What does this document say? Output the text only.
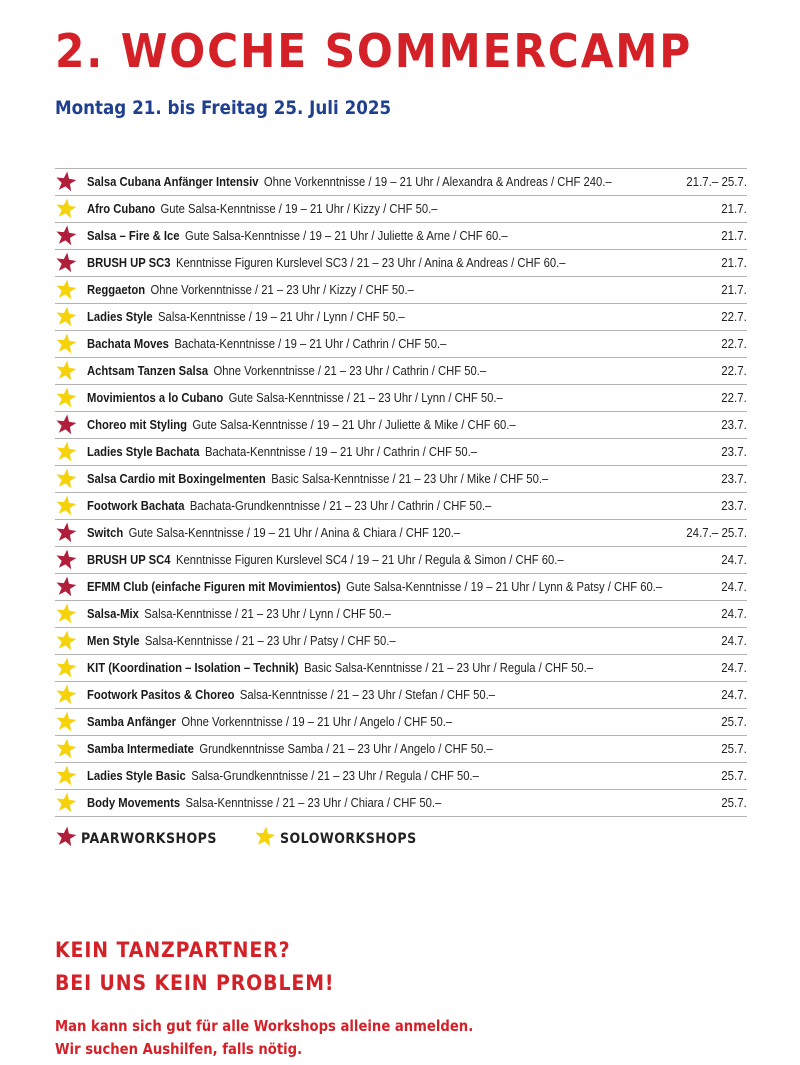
2. WOCHE SOMMERCAMP
Montag 21. bis Freitag 25. Juli 2025
Salsa Cubana Anfänger Intensiv Ohne Vorkenntnisse / 19 – 21 Uhr / Alexandra & Andreas / CHF 240.–	21.7.– 25.7.
Afro Cubano Gute Salsa-Kenntnisse / 19 – 21 Uhr / Kizzy / CHF 50.–	21.7.
Salsa – Fire & Ice Gute Salsa-Kenntnisse / 19 – 21 Uhr / Juliette & Arne / CHF 60.–	21.7.
BRUSH UP SC3 Kenntnisse Figuren Kurslevel SC3 / 21 – 23 Uhr / Anina & Andreas / CHF 60.–	21.7.
Reggaeton Ohne Vorkenntnisse / 21 – 23 Uhr / Kizzy / CHF 50.–	21.7.
Ladies Style Salsa-Kenntnisse / 19 – 21 Uhr / Lynn / CHF 50.–	22.7.
Bachata Moves Bachata-Kenntnisse / 19 – 21 Uhr / Cathrin / CHF 50.–	22.7.
Achtsam Tanzen Salsa Ohne Vorkenntnisse / 21 – 23 Uhr / Cathrin / CHF 50.–	22.7.
Movimientos a lo Cubano Gute Salsa-Kenntnisse / 21 – 23 Uhr / Lynn / CHF 50.–	22.7.
Choreo mit Styling Gute Salsa-Kenntnisse / 19 – 21 Uhr / Juliette & Mike / CHF 60.–	23.7.
Ladies Style Bachata Bachata-Kenntnisse / 19 – 21 Uhr / Cathrin / CHF 50.–	23.7.
Salsa Cardio mit Boxingelmenten Basic Salsa-Kenntnisse / 21 – 23 Uhr / Mike / CHF 50.–	23.7.
Footwork Bachata Bachata-Grundkenntnisse / 21 – 23 Uhr / Cathrin / CHF 50.–	23.7.
Switch Gute Salsa-Kenntnisse / 19 – 21 Uhr / Anina & Chiara / CHF 120.–	24.7.– 25.7.
BRUSH UP SC4 Kenntnisse Figuren Kurslevel SC4 / 19 – 21 Uhr / Regula & Simon / CHF 60.–	24.7.
EFMM Club (einfache Figuren mit Movimientos) Gute Salsa-Kenntnisse / 19 – 21 Uhr / Lynn & Patsy / CHF 60.–	24.7.
Salsa-Mix Salsa-Kenntnisse / 21 – 23 Uhr / Lynn / CHF 50.–	24.7.
Men Style Salsa-Kenntnisse / 21 – 23 Uhr / Patsy / CHF 50.–	24.7.
KIT (Koordination – Isolation – Technik) Basic Salsa-Kenntnisse / 21 – 23 Uhr / Regula / CHF 50.–	24.7.
Footwork Pasitos & Choreo Salsa-Kenntnisse / 21 – 23 Uhr / Stefan / CHF 50.–	24.7.
Samba Anfänger Ohne Vorkenntnisse / 19 – 21 Uhr / Angelo / CHF 50.–	25.7.
Samba Intermediate Grundkenntnisse Samba / 21 – 23 Uhr / Angelo / CHF 50.–	25.7.
Ladies Style Basic Salsa-Grundkenntnisse / 21 – 23 Uhr / Regula / CHF 50.–	25.7.
Body Movements Salsa-Kenntnisse / 21 – 23 Uhr / Chiara / CHF 50.–	25.7.
PAARWORKSHOPS	SOLOWORKSHOPS
KEIN TANZPARTNER?
BEI UNS KEIN PROBLEM!
Man kann sich gut für alle Workshops alleine anmelden.
Wir suchen Aushilfen, falls nötig.
